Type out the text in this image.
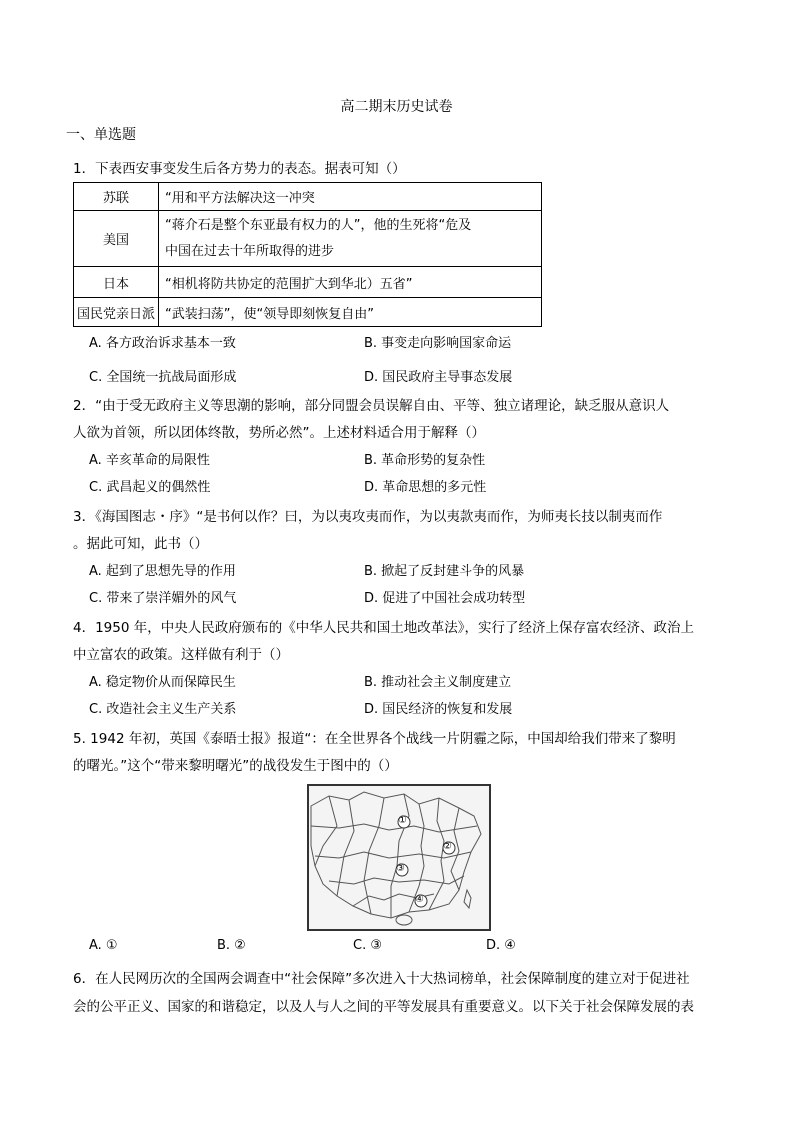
高二期末历史试卷
一、单选题
1．下表西安事变发生后各方势力的表态。据表可知（）
苏联	“用和平方法解决这一冲突
美国	“蒋介石是整个东亚最有权力的人”，他的生死将“危及
中国在过去十年所取得的进步

日本	“相机将防共协定的范围扩大到华北）五省”
国民党亲日派	“武装扫荡”，使“领导即刻恢复自由”
A. 各方政治诉求基本一致	B. 事变走向影响国家命运
C. 全国统一抗战局面形成	D. 国民政府主导事态发展
2．“由于受无政府主义等思潮的影响，部分同盟会员误解自由、平等、独立诸理论，缺乏服从意识人
人欲为首领，所以团体终散，势所必然”。上述材料适合用于解释（）
A. 辛亥革命的局限性	B. 革命形势的复杂性
C. 武昌起义的偶然性	D. 革命思想的多元性
3．《海国图志・序》“是书何以作？曰，为以夷攻夷而作，为以夷款夷而作，为师夷长技以制夷而作
。据此可知，此书（）
A. 起到了思想先导的作用	B. 掀起了反封建斗争的风暴
C. 带来了崇洋媚外的风气	D. 促进了中国社会成功转型
4．1950 年，中央人民政府颁布的《中华人民共和国土地改革法》，实行了经济上保存富农经济、政治上
中立富农的政策。这样做有利于（）
A. 稳定物价从而保障民生	B. 推动社会主义制度建立
C. 改造社会主义生产关系	D. 国民经济的恢复和发展
5. 1942 年初，英国《泰晤士报》报道“：在全世界各个战线一片阴霾之际，中国却给我们带来了黎明
的曙光。”这个“带来黎明曙光”的战役发生于图中的（）
①
②
③
④
A. ①	B. ②	C. ③	D. ④
6．在人民网历次的全国两会调查中“社会保障”多次进入十大热词榜单，社会保障制度的建立对于促进社
会的公平正义、国家的和谐稳定，以及人与人之间的平等发展具有重要意义。以下关于社会保障发展的表
